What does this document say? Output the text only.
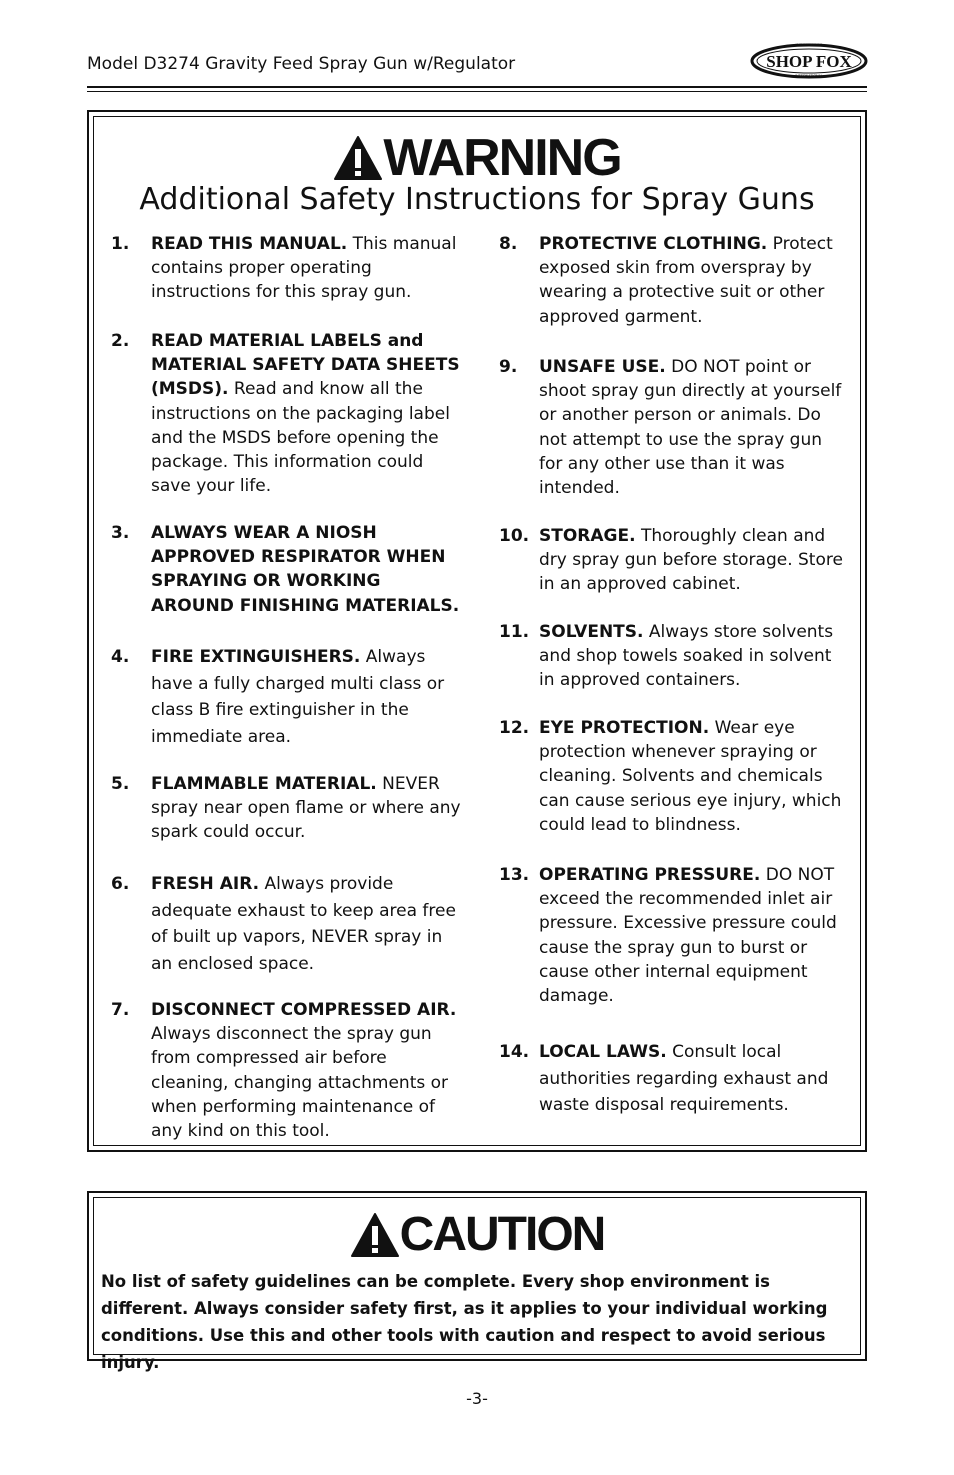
Model D3274 Gravity Feed Spray Gun w/Regulator	SHOP FOX
WOODSTOCK
INTERNATIONAL
WARNING
Additional Safety Instructions for Spray Guns
1. READ THIS MANUAL. This manual contains proper operating instructions for this spray gun.
2. READ MATERIAL LABELS and MATERIAL SAFETY DATA SHEETS (MSDS). Read and know all the instructions on the packaging label and the MSDS before opening the package. This information could save your life.
3. ALWAYS WEAR A NIOSH APPROVED RESPIRATOR WHEN SPRAYING OR WORKING AROUND FINISHING MATERIALS.
4. FIRE EXTINGUISHERS. Always have a fully charged multi class or class B fire extinguisher in the immediate area.
5. FLAMMABLE MATERIAL. NEVER spray near open flame or where any spark could occur.
6. FRESH AIR. Always provide adequate exhaust to keep area free of built up vapors, NEVER spray in an enclosed space.
7. DISCONNECT COMPRESSED AIR. Always disconnect the spray gun from compressed air before cleaning, changing attachments or when performing maintenance of any kind on this tool.
8. PROTECTIVE CLOTHING. Protect exposed skin from overspray by wearing a protective suit or other approved garment.
9. UNSAFE USE. DO NOT point or shoot spray gun directly at yourself or another person or animals. Do not attempt to use the spray gun for any other use than it was intended.
10. STORAGE. Thoroughly clean and dry spray gun before storage. Store in an approved cabinet.
11. SOLVENTS. Always store solvents and shop towels soaked in solvent in approved containers.
12. EYE PROTECTION. Wear eye protection whenever spraying or cleaning. Solvents and chemicals can cause serious eye injury, which could lead to blindness.
13. OPERATING PRESSURE. DO NOT exceed the recommended inlet air pressure. Excessive pressure could cause the spray gun to burst or cause other internal equipment damage.
14. LOCAL LAWS. Consult local authorities regarding exhaust and waste disposal requirements.
CAUTION
No list of safety guidelines can be complete. Every shop environment is different. Always consider safety first, as it applies to your individual working conditions. Use this and other tools with caution and respect to avoid serious injury.
-3-
